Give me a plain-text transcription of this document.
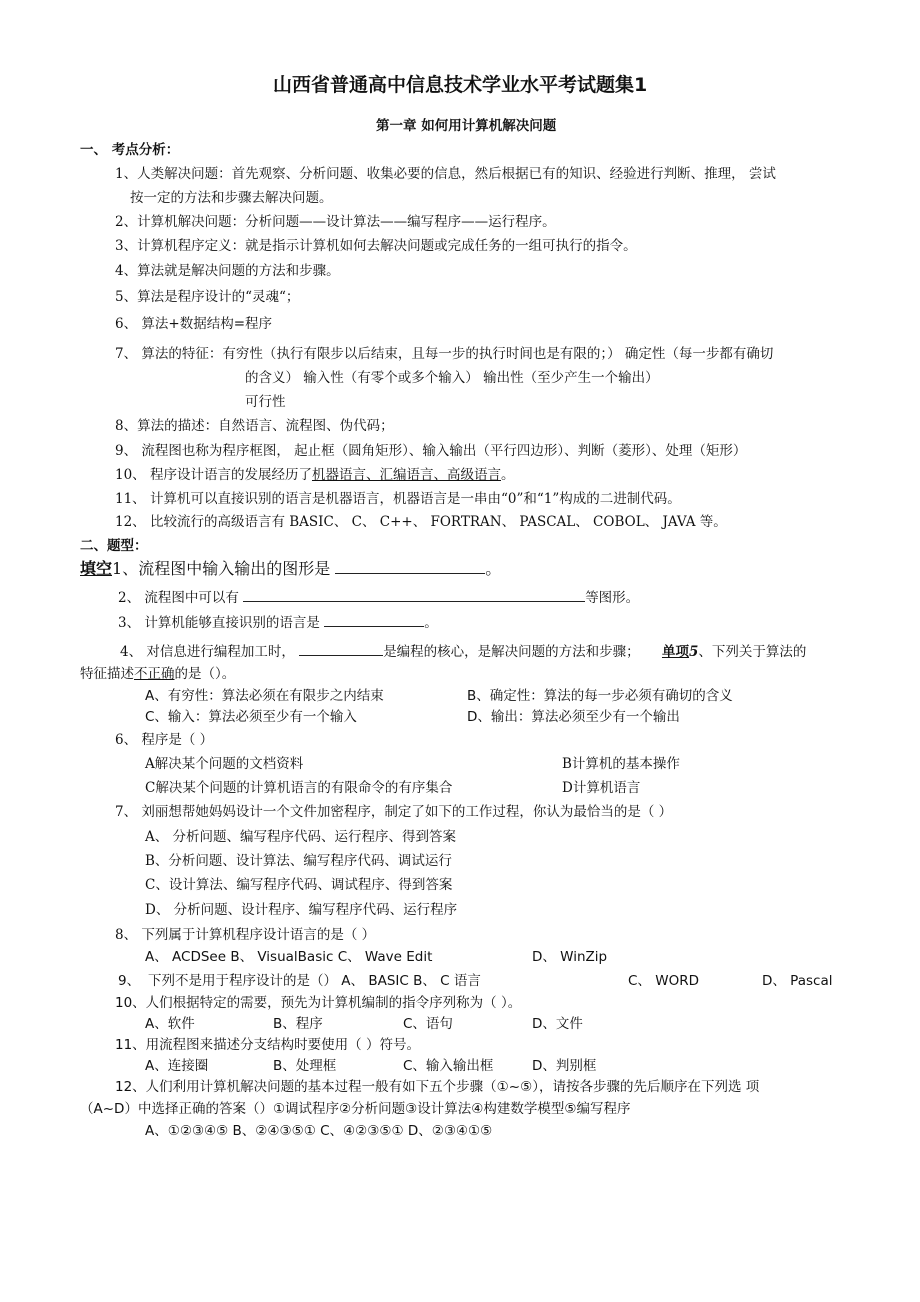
山西省普通高中信息技术学业水平考试题集1
第一章 如何用计算机解决问题
一、 考点分析：
1、人类解决问题：首先观察、分析问题、收集必要的信息，然后根据已有的知识、经验进行判断、推理， 尝试
按一定的方法和步骤去解决问题。
2、计算机解决问题：分析问题——设计算法——编写程序——运行程序。
3、计算机程序定义：就是指示计算机如何去解决问题或完成任务的一组可执行的指令。
4、算法就是解决问题的方法和步骤。
5、算法是程序设计的“灵魂“；
6、 算法+数据结构=程序
7、 算法的特征：有穷性（执行有限步以后结束，且每一步的执行时间也是有限的；） 确定性（每一步都有确切
的含义） 输入性（有零个或多个输入） 输出性（至少产生一个输出）
可行性
8、算法的描述：自然语言、流程图、伪代码；
9、 流程图也称为程序框图， 起止框（圆角矩形）、输入输出（平行四边形）、判断（菱形）、处理（矩形）
10、 程序设计语言的发展经历了机器语言、汇编语言、高级语言。
11、 计算机可以直接识别的语言是机器语言，机器语言是一串由“0”和“1”构成的二进制代码。
12、 比较流行的高级语言有 BASIC、 C、 C++、 FORTRAN、 PASCAL、 COBOL、 JAVA 等。
二、题型：
填空1、流程图中输入输出的图形是	。
2、 流程图中可以有	等图形。
3、 计算机能够直接识别的语言是	。
4、 对信息进行编程加工时，	是编程的核心，是解决问题的方法和步骤； 单项5、下列关于算法的
特征描述不正确的是（）。
A、有穷性：算法必须在有限步之内结束	B、确定性：算法的每一步必须有确切的含义
C、输入：算法必须至少有一个输入	D、输出：算法必须至少有一个输出
6、 程序是（ ）
A解决某个问题的文档资料	B计算机的基本操作
C解决某个问题的计算机语言的有限命令的有序集合	D计算机语言
7、 刘丽想帮她妈妈设计一个文件加密程序，制定了如下的工作过程，你认为最恰当的是（ ）
A、 分析问题、编写程序代码、运行程序、得到答案
B、分析问题、设计算法、编写程序代码、调试运行
C、设计算法、编写程序代码、调试程序、得到答案
D、 分析问题、设计程序、编写程序代码、运行程序
8、 下列属于计算机程序设计语言的是（ ）
A、 ACDSee B、 VisualBasic C、 Wave Edit	D、 WinZip
9、 下列不是用于程序设计的是（） A、 BASIC B、 C 语言	C、 WORD	D、 Pascal
10、人们根据特定的需要，预先为计算机编制的指令序列称为（ ）。
A、软件	B、程序	C、语句	D、文件
11、用流程图来描述分支结构时要使用（ ）符号。
A、连接圈	B、处理框	C、输入输出框	D、判别框
12、人们利用计算机解决问题的基本过程一般有如下五个步骤（①~⑤），请按各步骤的先后顺序在下列选 项
（A~D）中选择正确的答案（）①调试程序②分析问题③设计算法④构建数学模型⑤编写程序
A、①②③④⑤ B、②④③⑤① C、④②③⑤① D、②③④①⑤
